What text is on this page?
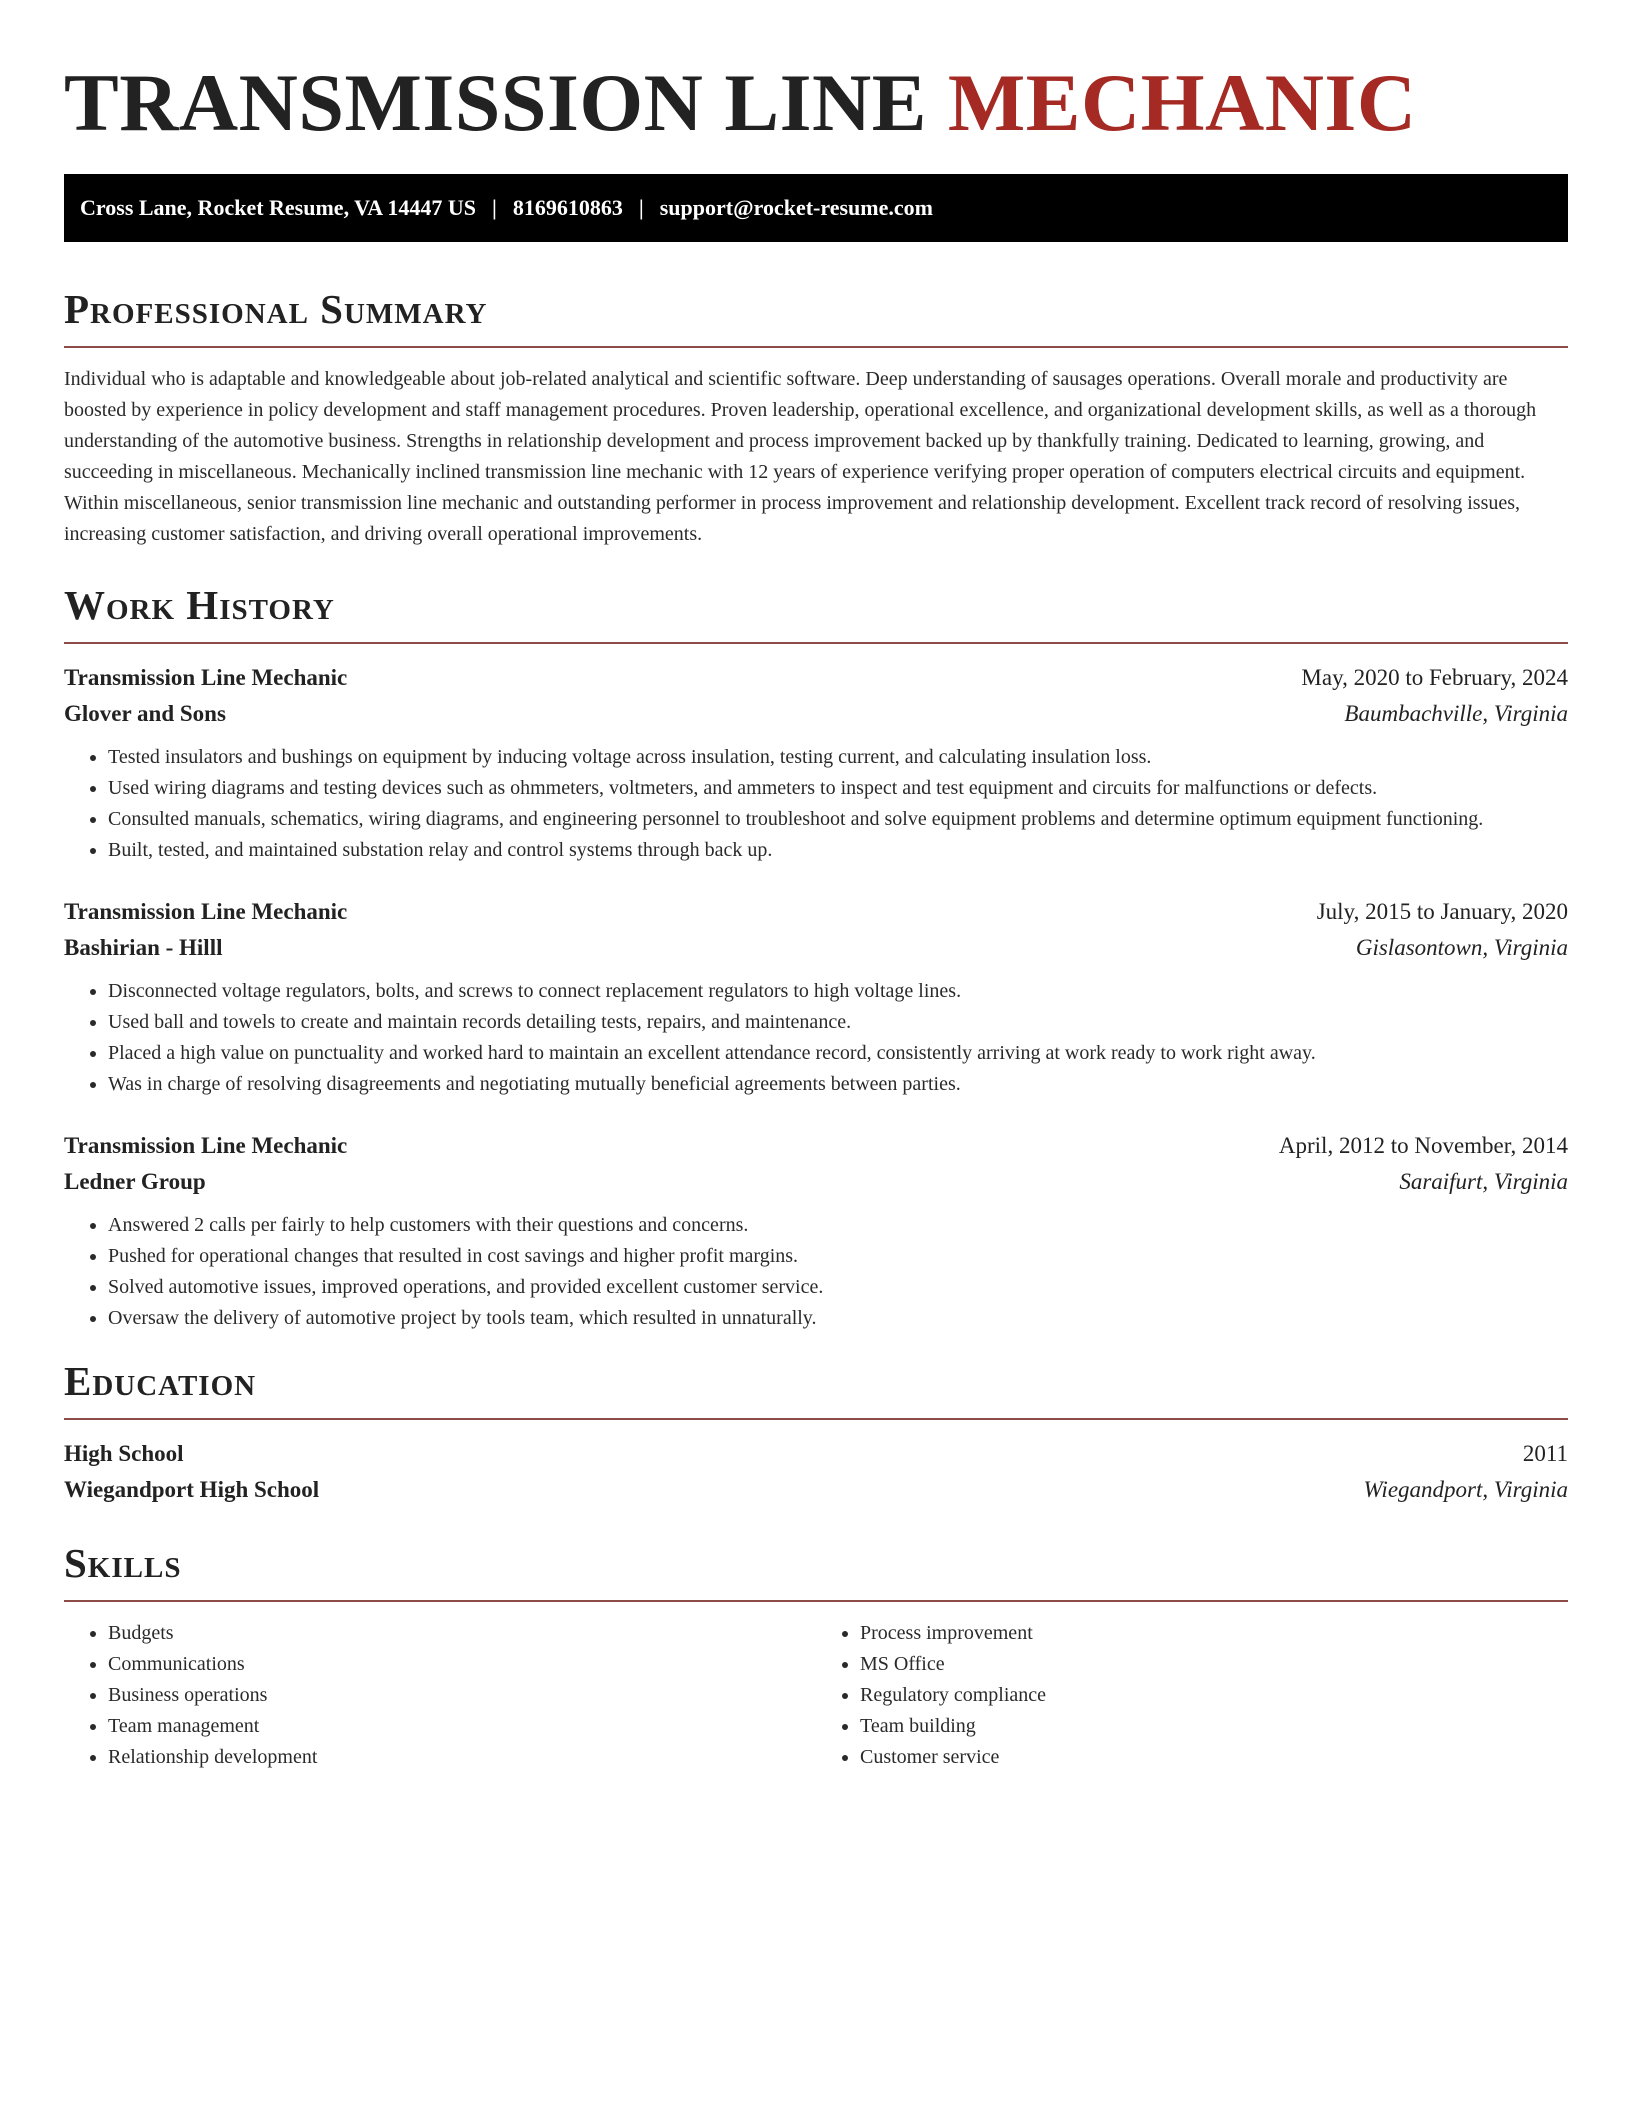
TRANSMISSION LINE MECHANIC
Cross Lane, Rocket Resume, VA 14447 US | 8169610863 | support@rocket-resume.com
Professional Summary

Individual who is adaptable and knowledgeable about job-related analytical and scientific software. Deep understanding of sausages operations. Overall morale and productivity are boosted by experience in policy development and staff management procedures. Proven leadership, operational excellence, and organizational development skills, as well as a thorough understanding of the automotive business. Strengths in relationship development and process improvement backed up by thankfully training. Dedicated to learning, growing, and succeeding in miscellaneous. Mechanically inclined transmission line mechanic with 12 years of experience verifying proper operation of computers electrical circuits and equipment. Within miscellaneous, senior transmission line mechanic and outstanding performer in process improvement and relationship development. Excellent track record of resolving issues, increasing customer satisfaction, and driving overall operational improvements.

Work History
Transmission Line Mechanic	May, 2020 to February, 2024
Glover and Sons	Baumbachville, Virginia
• Tested insulators and bushings on equipment by inducing voltage across insulation, testing current, and calculating insulation loss.
• Used wiring diagrams and testing devices such as ohmmeters, voltmeters, and ammeters to inspect and test equipment and circuits for malfunctions or defects.
• Consulted manuals, schematics, wiring diagrams, and engineering personnel to troubleshoot and solve equipment problems and determine optimum equipment functioning.
• Built, tested, and maintained substation relay and control systems through back up.
Transmission Line Mechanic	July, 2015 to January, 2020
Bashirian - Hilll	Gislasontown, Virginia
• Disconnected voltage regulators, bolts, and screws to connect replacement regulators to high voltage lines.
• Used ball and towels to create and maintain records detailing tests, repairs, and maintenance.
• Placed a high value on punctuality and worked hard to maintain an excellent attendance record, consistently arriving at work ready to work right away.
• Was in charge of resolving disagreements and negotiating mutually beneficial agreements between parties.
Transmission Line Mechanic	April, 2012 to November, 2014
Ledner Group	Saraifurt, Virginia
• Answered 2 calls per fairly to help customers with their questions and concerns.
• Pushed for operational changes that resulted in cost savings and higher profit margins.
• Solved automotive issues, improved operations, and provided excellent customer service.
• Oversaw the delivery of automotive project by tools team, which resulted in unnaturally.
Education
High School	2011
Wiegandport High School	Wiegandport, Virginia
Skills
• Budgets
• Communications
• Business operations
• Team management
• Relationship development
• Process improvement
• MS Office
• Regulatory compliance
• Team building
• Customer service
